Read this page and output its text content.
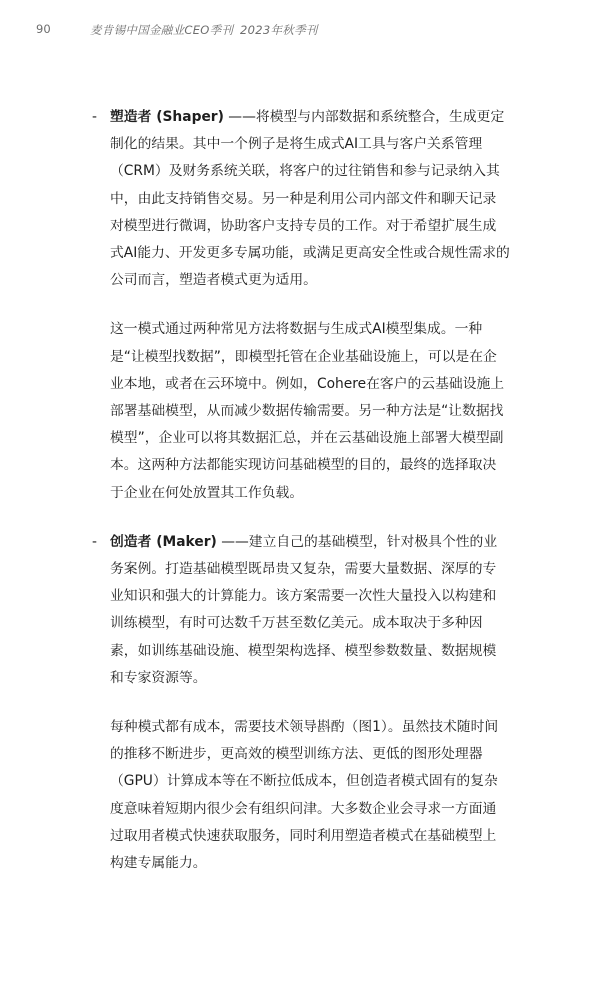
90	麦肯锡中国金融业CEO季刊 2023年秋季刊

- 塑造者 (Shaper) ——将模型与内部数据和系统整合，生成更定制化的结果。其中一个例子是将生成式AI工具与客户关系管理（CRM）及财务系统关联，将客户的过往销售和参与记录纳入其中，由此支持销售交易。另一种是利用公司内部文件和聊天记录对模型进行微调，协助客户支持专员的工作。对于希望扩展生成式AI能力、开发更多专属功能，或满足更高安全性或合规性需求的公司而言，塑造者模式更为适用。

这一模式通过两种常见方法将数据与生成式AI模型集成。一种是“让模型找数据”，即模型托管在企业基础设施上，可以是在企业本地，或者在云环境中。例如，Cohere在客户的云基础设施上部署基础模型，从而减少数据传输需要。另一种方法是“让数据找模型”，企业可以将其数据汇总，并在云基础设施上部署大模型副本。这两种方法都能实现访问基础模型的目的，最终的选择取决于企业在何处放置其工作负载。

- 创造者 (Maker) ——建立自己的基础模型，针对极具个性的业务案例。打造基础模型既昂贵又复杂，需要大量数据、深厚的专业知识和强大的计算能力。该方案需要一次性大量投入以构建和训练模型，有时可达数千万甚至数亿美元。成本取决于多种因素，如训练基础设施、模型架构选择、模型参数数量、数据规模和专家资源等。

每种模式都有成本，需要技术领导斟酌（图1）。虽然技术随时间的推移不断进步，更高效的模型训练方法、更低的图形处理器（GPU）计算成本等在不断拉低成本，但创造者模式固有的复杂度意味着短期内很少会有组织问津。大多数企业会寻求一方面通过取用者模式快速获取服务，同时利用塑造者模式在基础模型上构建专属能力。
